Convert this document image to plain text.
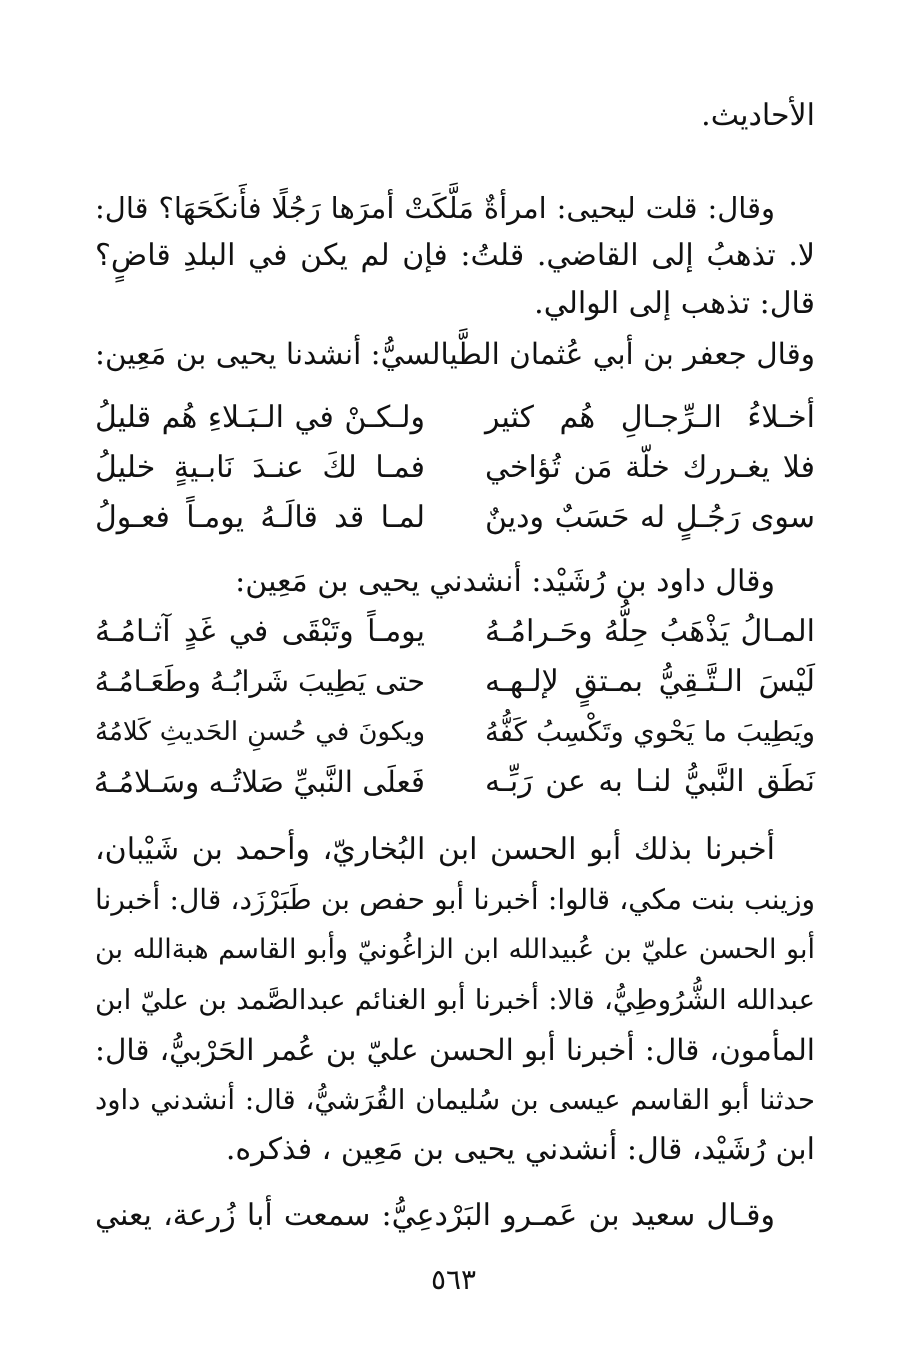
الأحاديث.
وقال: قلت ليحيى: امرأةٌ مَلَّكَتْ أمرَها رَجُلًا فأَنكَحَهَا؟ قال:
لا. تذهبُ إلى القاضي. قلتُ: فإن لم يكن في البلدِ قاضٍ؟
قال: تذهب إلى الوالي.
وقال جعفر بن أبي عُثمان الطَّيالسيُّ: أنشدنا يحيى بن مَعِين:
أخـلاءُ الـرِّجـالِ هُم كثير
ولـكـنْ في الـبَـلاءِ هُم قليلُ
فلا يغـررك خلّة مَن تُؤاخي
فمـا لكَ عنـدَ نَابـيةٍ خليلُ
سوى رَجُـلٍ له حَسَبٌ ودينٌ
لمـا قد قالَـهُ يومـاً فعـولُ
وقال داود بن رُشَيْد: أنشدني يحيى بن مَعِين:
المـالُ يَذْهَبُ حِلُّهُ وحَـرامُـهُ
يومـاً وتَبْقَى في غَدٍ آثـامُـهُ
لَيْسَ الـتَّـقِيُّ بمـتقٍ لإلـهـه
حتى يَطِيبَ شَرابُـهُ وطَعَـامُـهُ
ويَطِيبَ ما يَحْوي وتَكْسِبُ كَفُّهُ
ويكونَ في حُسنِ الحَديثِ كَلامُهُ
نَطَق النَّبيُّ لنـا به عن رَبِّـه
فَعلَى النَّبيِّ صَلاتُـه وسَـلامُـهُ
أخبرنا بذلك أبو الحسن ابن البُخاريّ، وأحمد بن شَيْبان،
وزينب بنت مكي، قالوا: أخبرنا أبو حفص بن طَبَرْزَد، قال: أخبرنا
أبو الحسن عليّ بن عُبيدالله ابن الزاغُونيّ وأبو القاسم هبةالله بن
عبدالله الشُّرُوطِيُّ، قالا: أخبرنا أبو الغنائم عبدالصَّمد بن عليّ ابن
المأمون، قال: أخبرنا أبو الحسن عليّ بن عُمر الحَرْبيُّ، قال:
حدثنا أبو القاسم عيسى بن سُليمان القُرَشيُّ، قال: أنشدني داود
ابن رُشَيْد، قال: أنشدني يحيى بن مَعِين ، فذكره.
وقـال سعيد بن عَمـرو البَرْدعِيُّ: سمعت أبا زُرعة، يعني
٥٦٣
